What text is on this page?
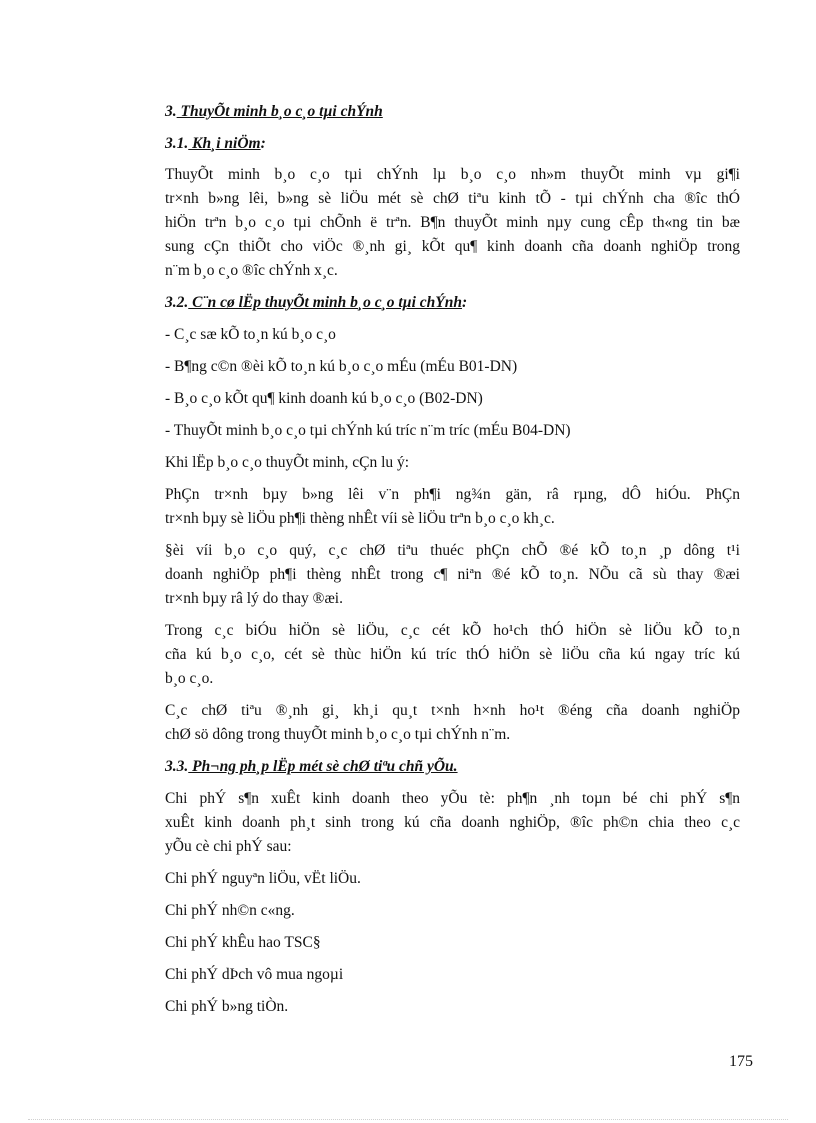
3. ThuyÕt minh b¸o c¸o tµi chÝnh

3.1. Kh¸i niÖm:

ThuyÕt minh b¸o c¸o tµi chÝnh lµ b¸o c¸o nh»m thuyÕt minh vµ gi¶i
tr×nh b»ng lêi, b»ng sè liÖu mét sè chØ tiªu kinh tÕ - tµi chÝnh cha ®îc thÓ
hiÖn trªn b¸o c¸o tµi chÕnh ë trªn. B¶n thuyÕt minh nµy cung cÊp th«ng tin bæ
sung cÇn thiÕt cho viÖc ®¸nh gi¸ kÕt qu¶ kinh doanh cña doanh nghiÖp trong
n¨m b¸o c¸o ®îc chÝnh x¸c.

3.2. C¨n cø lËp thuyÕt minh b¸o c¸o tµi chÝnh:

- C¸c sæ kÕ to¸n kú b¸o c¸o
- B¶ng c©n ®èi kÕ to¸n kú b¸o c¸o mÉu (mÉu B01-DN)
- B¸o c¸o kÕt qu¶ kinh doanh kú b¸o c¸o (B02-DN)
- ThuyÕt minh b¸o c¸o tµi chÝnh kú tríc n¨m tríc (mÉu B04-DN)
Khi lËp b¸o c¸o thuyÕt minh, cÇn lu ý:
PhÇn tr×nh bµy b»ng lêi v¨n ph¶i ng¾n gän, râ rµng, dÔ hiÓu. PhÇn
tr×nh bµy sè liÖu ph¶i thèng nhÊt víi sè liÖu trªn b¸o c¸o kh¸c.
§èi víi b¸o c¸o quý, c¸c chØ tiªu thuéc phÇn chÕ ®é kÕ to¸n ¸p dông t¹i
doanh nghiÖp ph¶i thèng nhÊt trong c¶ niªn ®é kÕ to¸n. NÕu cã sù thay ®æi
tr×nh bµy râ lý do thay ®æi.
Trong c¸c biÓu hiÖn sè liÖu, c¸c cét kÕ ho¹ch thÓ hiÖn sè liÖu kÕ to¸n
cña kú b¸o c¸o, cét sè thùc hiÖn kú tríc thÓ hiÖn sè liÖu cña kú ngay tríc kú
b¸o c¸o.
C¸c chØ tiªu ®¸nh gi¸ kh¸i qu¸t t×nh h×nh ho¹t ®éng cña doanh nghiÖp
chØ sö dông trong thuyÕt minh b¸o c¸o tµi chÝnh n¨m.

3.3. Ph¬ng ph¸p lËp mét sè chØ tiªu chñ yÕu.

Chi phÝ s¶n xuÊt kinh doanh theo yÕu tè: ph¶n ¸nh toµn bé chi phÝ s¶n
xuÊt kinh doanh ph¸t sinh trong kú cña doanh nghiÖp, ®îc ph©n chia theo c¸c
yÕu cè chi phÝ sau:
Chi phÝ nguyªn liÖu, vËt liÖu.
Chi phÝ nh©n c«ng.
Chi phÝ khÊu hao TSC§
Chi phÝ dÞch vô mua ngoµi
Chi phÝ b»ng tiÒn.
175
